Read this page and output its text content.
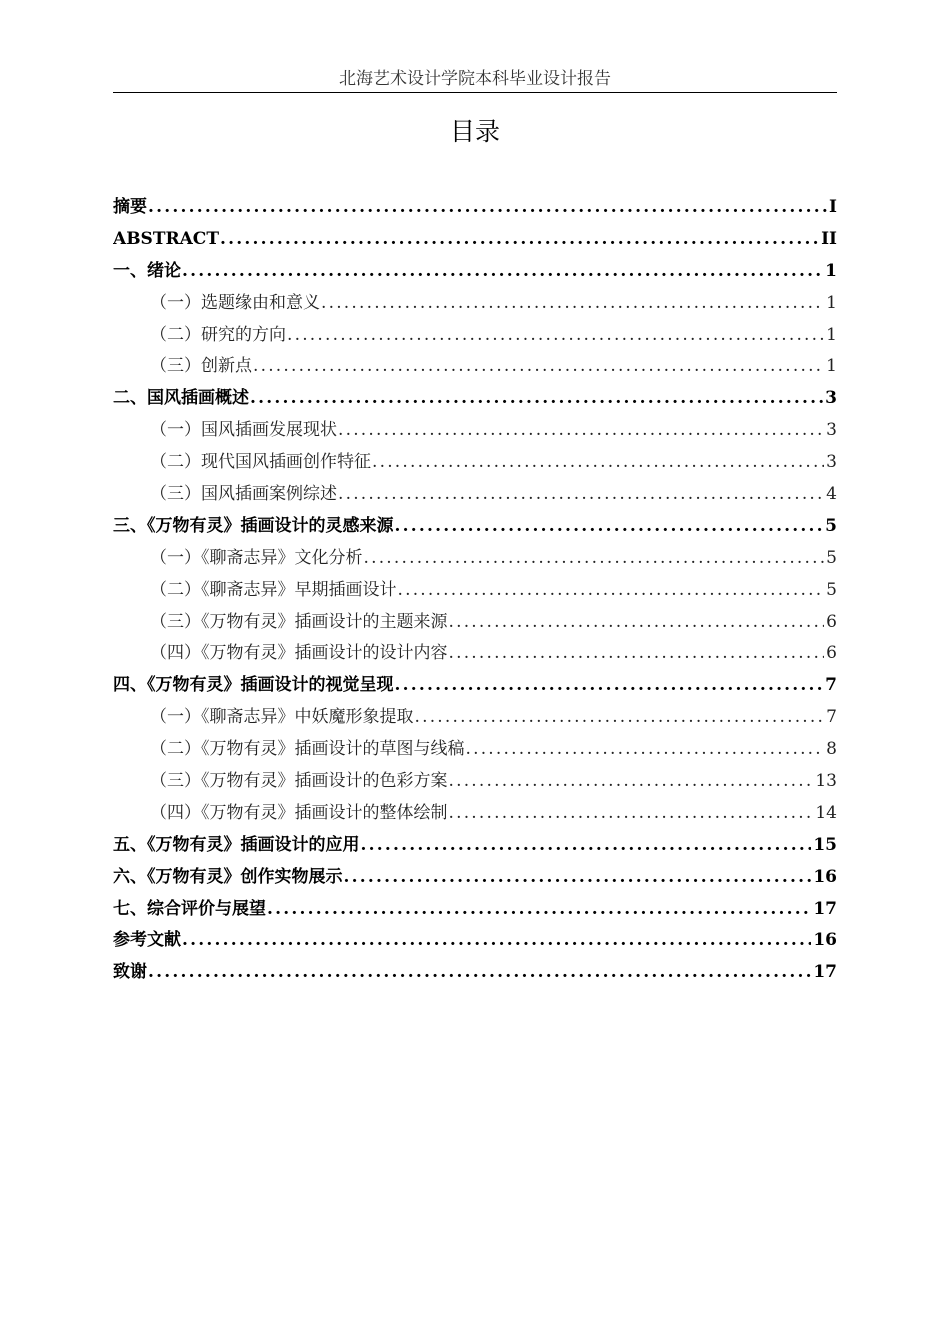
北海艺术设计学院本科毕业设计报告
目录
摘要 .....	I
ABSTRACT .....	II
一、绪论 .....	1
（一）选题缘由和意义 .....	1
（二）研究的方向 .....	1
（三）创新点 .....	1
二、国风插画概述 .....	3
（一）国风插画发展现状 .....	3
（二）现代国风插画创作特征 .....	3
（三）国风插画案例综述 .....	4
三、《万物有灵》插画设计的灵感来源 .....	5
（一）《聊斋志异》文化分析 .....	5
（二）《聊斋志异》早期插画设计 .....	5
（三）《万物有灵》插画设计的主题来源 .....	6
（四）《万物有灵》插画设计的设计内容 .....	6
四、《万物有灵》插画设计的视觉呈现 .....	7
（一）《聊斋志异》中妖魔形象提取 .....	7
（二）《万物有灵》插画设计的草图与线稿 .....	8
（三）《万物有灵》插画设计的色彩方案 .....	13
（四）《万物有灵》插画设计的整体绘制 .....	14
五、《万物有灵》插画设计的应用 .....	15
六、《万物有灵》创作实物展示 .....	16
七、综合评价与展望 .....	17
参考文献 .....	16
致谢 .....	17
